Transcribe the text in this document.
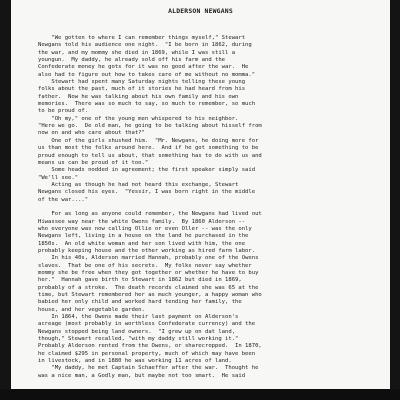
ALDERSON NEWGANS
"We gotten to where I can remember things myself," Stewart
Newgans told his audience one night.  "I be born in 1862, during
the war, and my mommy she died in 1869, while I was still a
youngun.  My daddy, he already sold off his farm and the
Confederate money he gots for it was no good after the war.  He
also had to figure out how to takes care of me without no momma."
Stewart had spent many Saturday nights telling these young
folks about the past, much of it stories he had heard from his
father.  Now he was talking about his own family and his own
memories.  There was so much to say, so much to remember, so much
to be proud of.
"Oh my," one of the young men whispered to his neighbor.
"Here we go.  De old man, he going to be talking about hisself from
now on and who care about that?"
One of the girls shushed him.  "Mr. Newgans, he doing more for
us than most the folks around here.  And if he got something to be
proud enough to tell us about, that something has to do with us and
means us can be proud of it too."
Some heads nodded in agreement; the first speaker simply said
"We'll see."
Acting as though he had not heard this exchange, Stewart
Newgans closed his eyes.  "Yessir, I was born right in the middle
of the war...."
For as long as anyone could remember, the Newgans had lived out
Hiwassee way near the white Owens family.  By 1860 Alderson --
who everyone was now calling Ollie or even Oller -- was the only
Newgans left, living in a house on the land he purchased in the
1850s.  An old white woman and her son lived with him, the one
probably keeping house and the other working as hired farm labor.
In his 40s, Alderson married Hannah, probably one of the Owens
slaves.  That be one of his secrets.  My folks never say whether
mommy she be free when they got together or whether he have to buy
her."  Hannah gave birth to Stewart in 1862 but died in 1869,
probably of a stroke.  The death records claimed she was 65 at the
time, but Stewart remembered her as much younger, a happy woman who
babied her only child and worked hard tending her family, the
house, and her vegetable garden.
In 1864, the Owens made their last payment on Alderson's
acreage (most probably in worthless Confederate currency) and the
Newgans stopped being land owners.  "I grew up on dat land,
though," Stewart recalled, "with my daddy still working it."
Probably Alderson rented from the Owens, or sharecropped.  In 1870,
he claimed $295 in personal property, much of which may have been
in livestock, and in 1880 he was working 11 acres of land.
"My daddy, he met Captain Schaeffer after the war.  Thought he
was a nice man, a Godly man, but maybe not too smart.  He said
